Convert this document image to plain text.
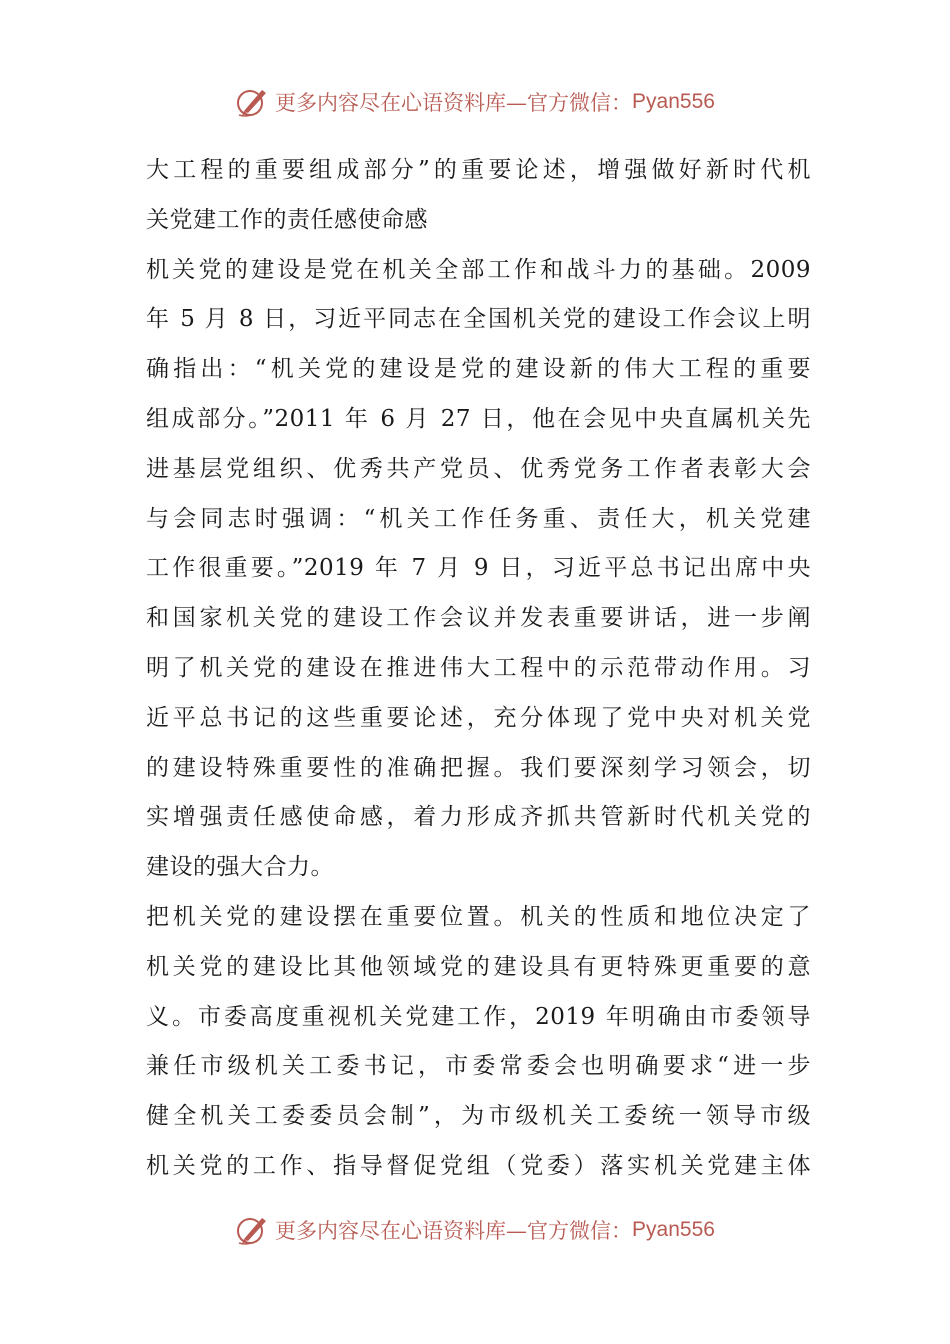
更多内容尽在心语资料库—官方微信： Pyan556
大工程的重要组成部分”的重要论述，增强做好新时代机
关党建工作的责任感使命感
机关党的建设是党在机关全部工作和战斗力的基础。2009
年 5 月 8 日，习近平同志在全国机关党的建设工作会议上明
确指出：“机关党的建设是党的建设新的伟大工程的重要
组成部分。”2011 年 6 月 27 日，他在会见中央直属机关先
进基层党组织、优秀共产党员、优秀党务工作者表彰大会
与会同志时强调：“机关工作任务重、责任大，机关党建
工作很重要。”2019 年 7 月 9 日，习近平总书记出席中央
和国家机关党的建设工作会议并发表重要讲话，进一步阐
明了机关党的建设在推进伟大工程中的示范带动作用。习
近平总书记的这些重要论述，充分体现了党中央对机关党
的建设特殊重要性的准确把握。我们要深刻学习领会，切
实增强责任感使命感，着力形成齐抓共管新时代机关党的
建设的强大合力。
把机关党的建设摆在重要位置。机关的性质和地位决定了
机关党的建设比其他领域党的建设具有更特殊更重要的意
义。市委高度重视机关党建工作，2019 年明确由市委领导
兼任市级机关工委书记，市委常委会也明确要求“进一步
健全机关工委委员会制”，为市级机关工委统一领导市级
机关党的工作、指导督促党组（党委）落实机关党建主体
更多内容尽在心语资料库—官方微信： Pyan556
